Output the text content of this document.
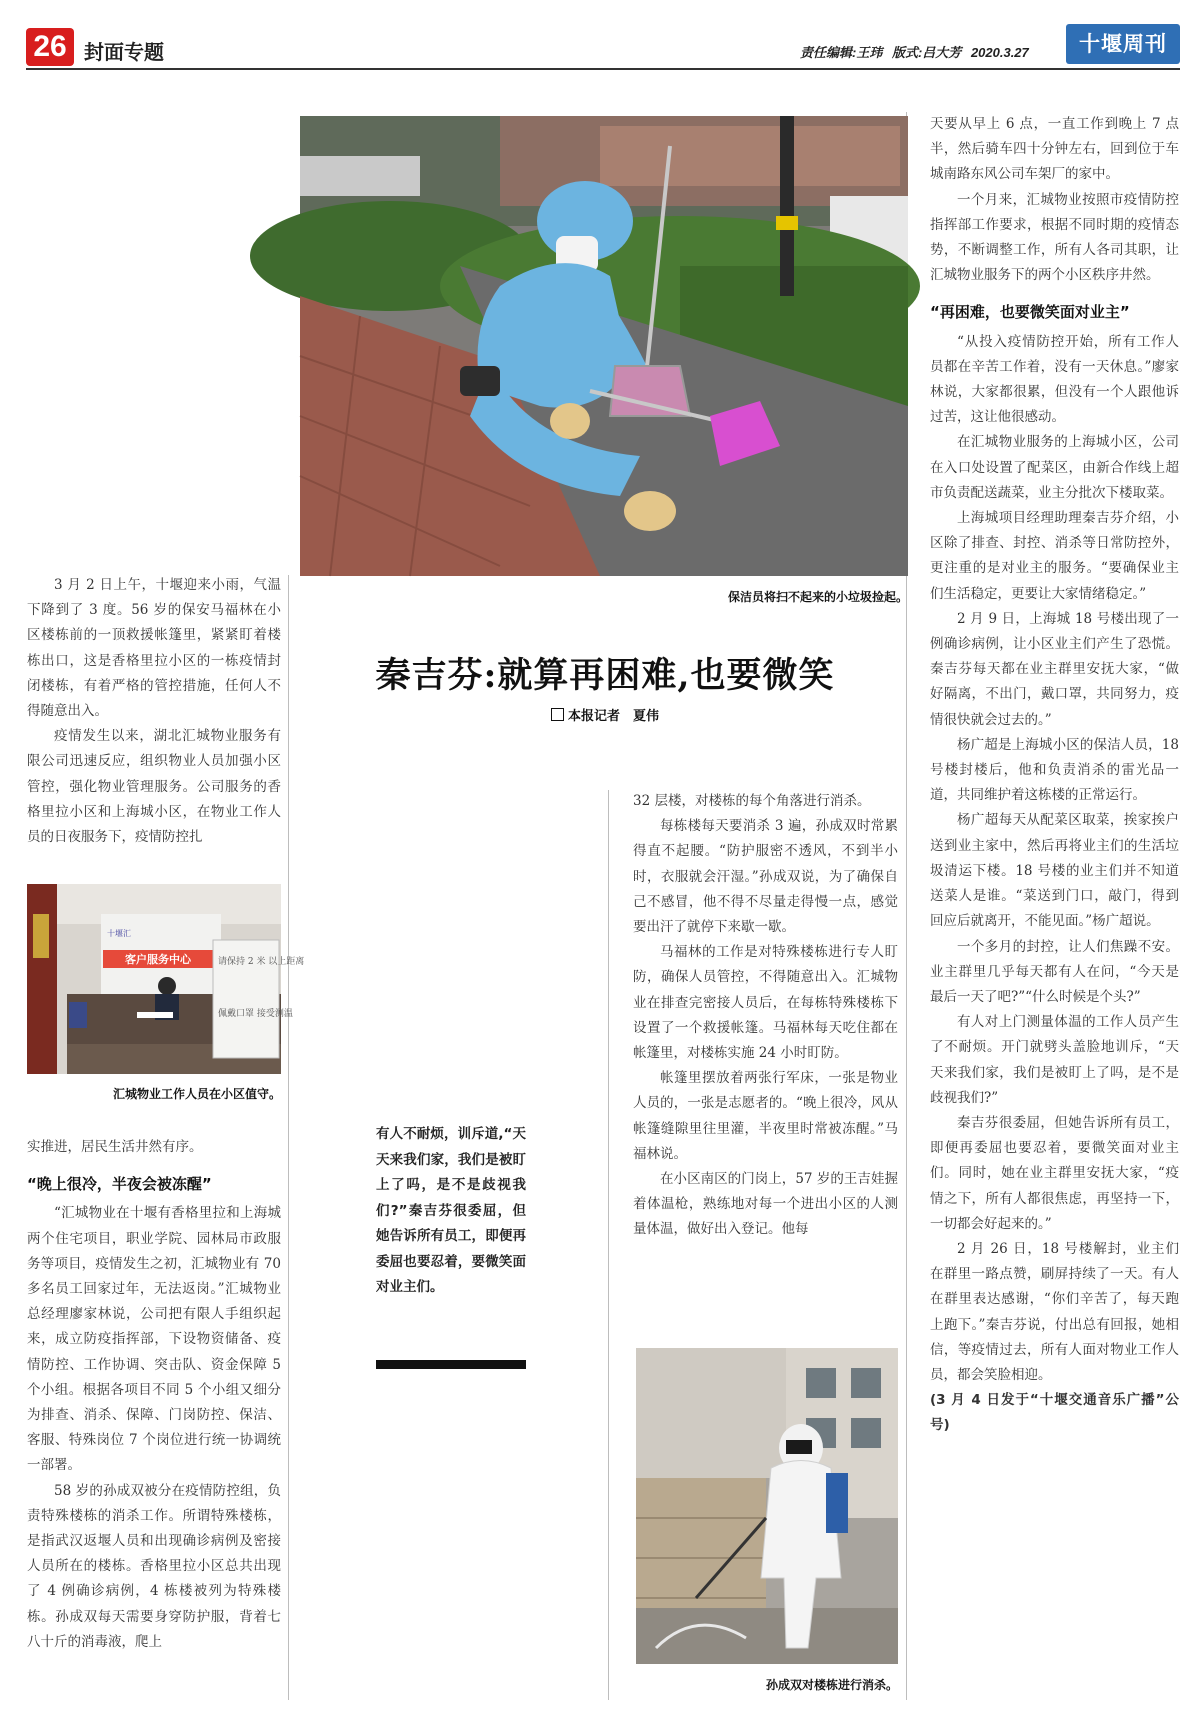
26 封面专题	责任编辑:王玮 版式:吕大芳 2020.3.27	十堰周刊

3 月 2 日上午，十堰迎来小雨，气温下降到了 3 度。56 岁的保安马福林在小区楼栋前的一顶救援帐篷里，紧紧盯着楼栋出口，这是香格里拉小区的一栋疫情封闭楼栋，有着严格的管控措施，任何人不得随意出入。

疫情发生以来，湖北汇城物业服务有限公司迅速反应，组织物业人员加强小区管控，强化物业管理服务。公司服务的香格里拉小区和上海城小区，在物业工作人员的日夜服务下，疫情防控扎

客户服务中心
十堰汇
请保持 2 米 以上距离
佩戴口罩 接受测温
汇城物业工作人员在小区值守。

实推进，居民生活井然有序。

“晚上很冷，半夜会被冻醒”

“汇城物业在十堰有香格里拉和上海城两个住宅项目，职业学院、园林局市政服务等项目，疫情发生之初，汇城物业有 70 多名员工回家过年，无法返岗。”汇城物业总经理廖家林说，公司把有限人手组织起来，成立防疫指挥部，下设物资储备、疫情防控、工作协调、突击队、资金保障 5 个小组。根据各项目不同 5 个小组又细分为排查、消杀、保障、门岗防控、保洁、客服、特殊岗位 7 个岗位进行统一协调统一部署。

58 岁的孙成双被分在疫情防控组，负责特殊楼栋的消杀工作。所谓特殊楼栋，是指武汉返堰人员和出现确诊病例及密接人员所在的楼栋。香格里拉小区总共出现了 4 例确诊病例，4 栋楼被列为特殊楼栋。孙成双每天需要身穿防护服，背着七八十斤的消毒液，爬上

保洁员将扫不起来的小垃圾捡起。
秦吉芬:就算再困难,也要微笑
本报记者　夏伟
有人不耐烦，训斥道,“天天来我们家，我们是被盯上了吗，是不是歧视我们?”秦吉芬很委屈，但她告诉所有员工，即便再委屈也要忍着，要微笑面对业主们。

32 层楼，对楼栋的每个角落进行消杀。

每栋楼每天要消杀 3 遍，孙成双时常累得直不起腰。“防护服密不透风，不到半小时，衣服就会汗湿。”孙成双说，为了确保自己不感冒，他不得不尽量走得慢一点，感觉要出汗了就停下来歇一歇。

马福林的工作是对特殊楼栋进行专人盯防，确保人员管控，不得随意出入。汇城物业在排查完密接人员后，在每栋特殊楼栋下设置了一个救援帐篷。马福林每天吃住都在帐篷里，对楼栋实施 24 小时盯防。

帐篷里摆放着两张行军床，一张是物业人员的，一张是志愿者的。“晚上很冷，风从帐篷缝隙里往里灌，半夜里时常被冻醒。”马福林说。

在小区南区的门岗上，57 岁的王吉娃握着体温枪，熟练地对每一个进出小区的人测量体温，做好出入登记。他每

孙成双对楼栋进行消杀。

天要从早上 6 点，一直工作到晚上 7 点半，然后骑车四十分钟左右，回到位于车城南路东风公司车架厂的家中。

一个月来，汇城物业按照市疫情防控指挥部工作要求，根据不同时期的疫情态势，不断调整工作，所有人各司其职，让汇城物业服务下的两个小区秩序井然。

“再困难，也要微笑面对业主”

“从投入疫情防控开始，所有工作人员都在辛苦工作着，没有一天休息。”廖家林说，大家都很累，但没有一个人跟他诉过苦，这让他很感动。

在汇城物业服务的上海城小区，公司在入口处设置了配菜区，由新合作线上超市负责配送蔬菜，业主分批次下楼取菜。

上海城项目经理助理秦吉芬介绍，小区除了排查、封控、消杀等日常防控外，更注重的是对业主的服务。“要确保业主们生活稳定，更要让大家情绪稳定。”

2 月 9 日，上海城 18 号楼出现了一例确诊病例，让小区业主们产生了恐慌。秦吉芬每天都在业主群里安抚大家，“做好隔离，不出门，戴口罩，共同努力，疫情很快就会过去的。”

杨广超是上海城小区的保洁人员，18 号楼封楼后，他和负责消杀的雷光品一道，共同维护着这栋楼的正常运行。

杨广超每天从配菜区取菜，挨家挨户送到业主家中，然后再将业主们的生活垃圾清运下楼。18 号楼的业主们并不知道送菜人是谁。“菜送到门口，敲门，得到回应后就离开，不能见面。”杨广超说。

一个多月的封控，让人们焦躁不安。业主群里几乎每天都有人在问，“今天是最后一天了吧?”“什么时候是个头?”

有人对上门测量体温的工作人员产生了不耐烦。开门就劈头盖脸地训斥，“天天来我们家，我们是被盯上了吗，是不是歧视我们?”

秦吉芬很委屈，但她告诉所有员工，即便再委屈也要忍着，要微笑面对业主们。同时，她在业主群里安抚大家，“疫情之下，所有人都很焦虑，再坚持一下，一切都会好起来的。”

2 月 26 日，18 号楼解封，业主们在群里一路点赞，刷屏持续了一天。有人在群里表达感谢，“你们辛苦了，每天跑上跑下。”秦吉芬说，付出总有回报，她相信，等疫情过去，所有人面对物业工作人员，都会笑脸相迎。

(3 月 4 日发于“十堰交通音乐广播”公号)
